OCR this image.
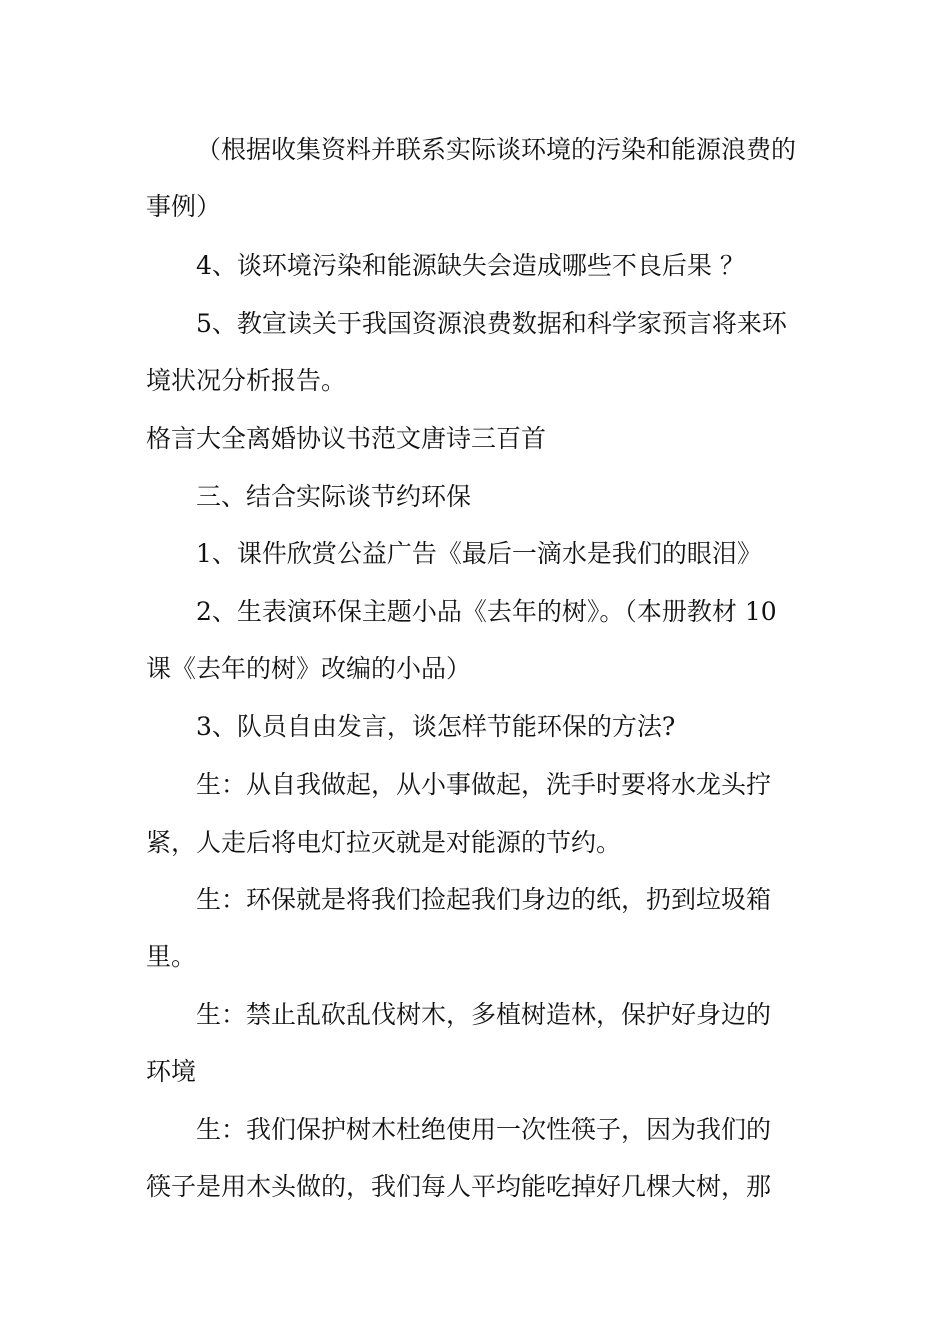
（根据收集资料并联系实际谈环境的污染和能源浪费的
事例）
4、谈环境污染和能源缺失会造成哪些不良后果 ？
5、教宣读关于我国资源浪费数据和科学家预言将来环
境状况分析报告。
格言大全离婚协议书范文唐诗三百首
三、结合实际谈节约环保
1、课件欣赏公益广告《最后一滴水是我们的眼泪》
2、生表演环保主题小品《去年的树》。（本册教材 10
课《去年的树》改编的小品）
3、队员自由发言，谈怎样节能环保的方法?
生：从自我做起，从小事做起，洗手时要将水龙头拧
紧，人走后将电灯拉灭就是对能源的节约。
生：环保就是将我们捡起我们身边的纸，扔到垃圾箱
里。
生：禁止乱砍乱伐树木，多植树造林，保护好身边的
环境
生：我们保护树木杜绝使用一次性筷子，因为我们的
筷子是用木头做的，我们每人平均能吃掉好几棵大树，那
